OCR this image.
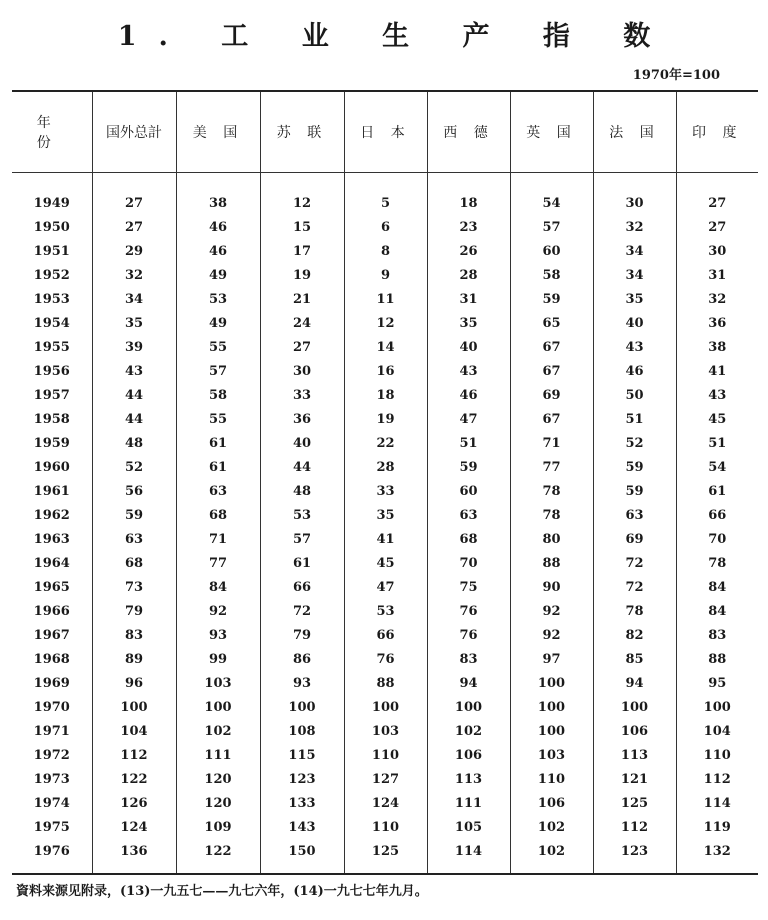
1. 工 业 生 产 指 数
1970年=100
年 份	国外总計	美 国	苏 联	日 本	西 德	英 国	法 国	印 度
1949	27	38	12	5	18	54	30	27
1950	27	46	15	6	23	57	32	27
1951	29	46	17	8	26	60	34	30
1952	32	49	19	9	28	58	34	31
1953	34	53	21	11	31	59	35	32
1954	35	49	24	12	35	65	40	36
1955	39	55	27	14	40	67	43	38
1956	43	57	30	16	43	67	46	41
1957	44	58	33	18	46	69	50	43
1958	44	55	36	19	47	67	51	45
1959	48	61	40	22	51	71	52	51
1960	52	61	44	28	59	77	59	54
1961	56	63	48	33	60	78	59	61
1962	59	68	53	35	63	78	63	66
1963	63	71	57	41	68	80	69	70
1964	68	77	61	45	70	88	72	78
1965	73	84	66	47	75	90	72	84
1966	79	92	72	53	76	92	78	84
1967	83	93	79	66	76	92	82	83
1968	89	99	86	76	83	97	85	88
1969	96	103	93	88	94	100	94	95
1970	100	100	100	100	100	100	100	100
1971	104	102	108	103	102	100	106	104
1972	112	111	115	110	106	103	113	110
1973	122	120	123	127	113	110	121	112
1974	126	120	133	124	111	106	125	114
1975	124	109	143	110	105	102	112	119
1976	136	122	150	125	114	102	123	132
資料来源见附录，(13)一九五七——九七六年，(14)一九七七年九月。
